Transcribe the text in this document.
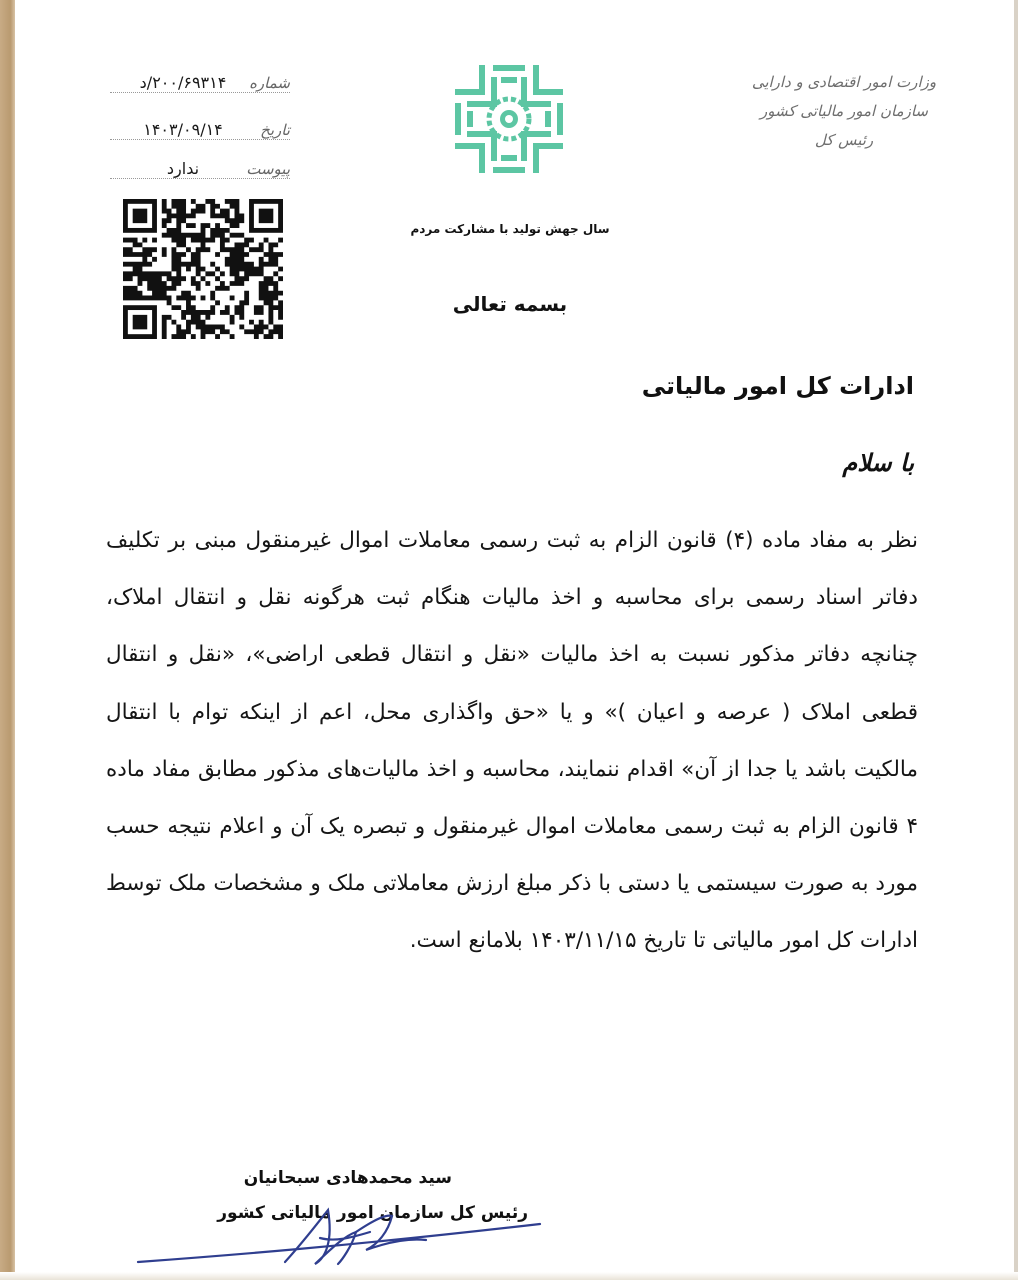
شماره
۲۰۰/۶۹۳۱۴/د
تاریخ
۱۴۰۳/۰۹/۱۴
پیوست
ندارد
سال جهش تولید با مشارکت مردم
بسمه تعالی
وزارت امور اقتصادی و دارایی
سازمان امور مالیاتی کشور
رئیس کل
ادارات کل امور مالیاتی
با سلام
نظر به مفاد ماده (۴) قانون الزام به ثبت رسمی معاملات اموال غیرمنقول مبنی بر تکلیف دفاتر اسناد رسمی برای محاسبه و اخذ مالیات هنگام ثبت هرگونه نقل و انتقال املاک، چنانچه دفاتر مذکور نسبت به اخذ مالیات «نقل و انتقال قطعی اراضی»، «نقل و انتقال قطعی املاک ( عرصه و اعیان )» و یا «حق واگذاری محل، اعم از اینکه توام با انتقال مالکیت باشد یا جدا از آن» اقدام ننمایند، محاسبه و اخذ مالیات‌های مذکور مطابق مفاد ماده ۴ قانون الزام به ثبت رسمی معاملات اموال غیرمنقول و تبصره یک آن و اعلام نتیجه حسب مورد به صورت سیستمی یا دستی با ذکر مبلغ ارزش معاملاتی ملک و مشخصات ملک توسط ادارات کل امور مالیاتی تا تاریخ ۱۴۰۳/۱۱/۱۵ بلامانع است.
سید محمدهادی سبحانیان
رئیس کل سازمان امور مالیاتی کشور
